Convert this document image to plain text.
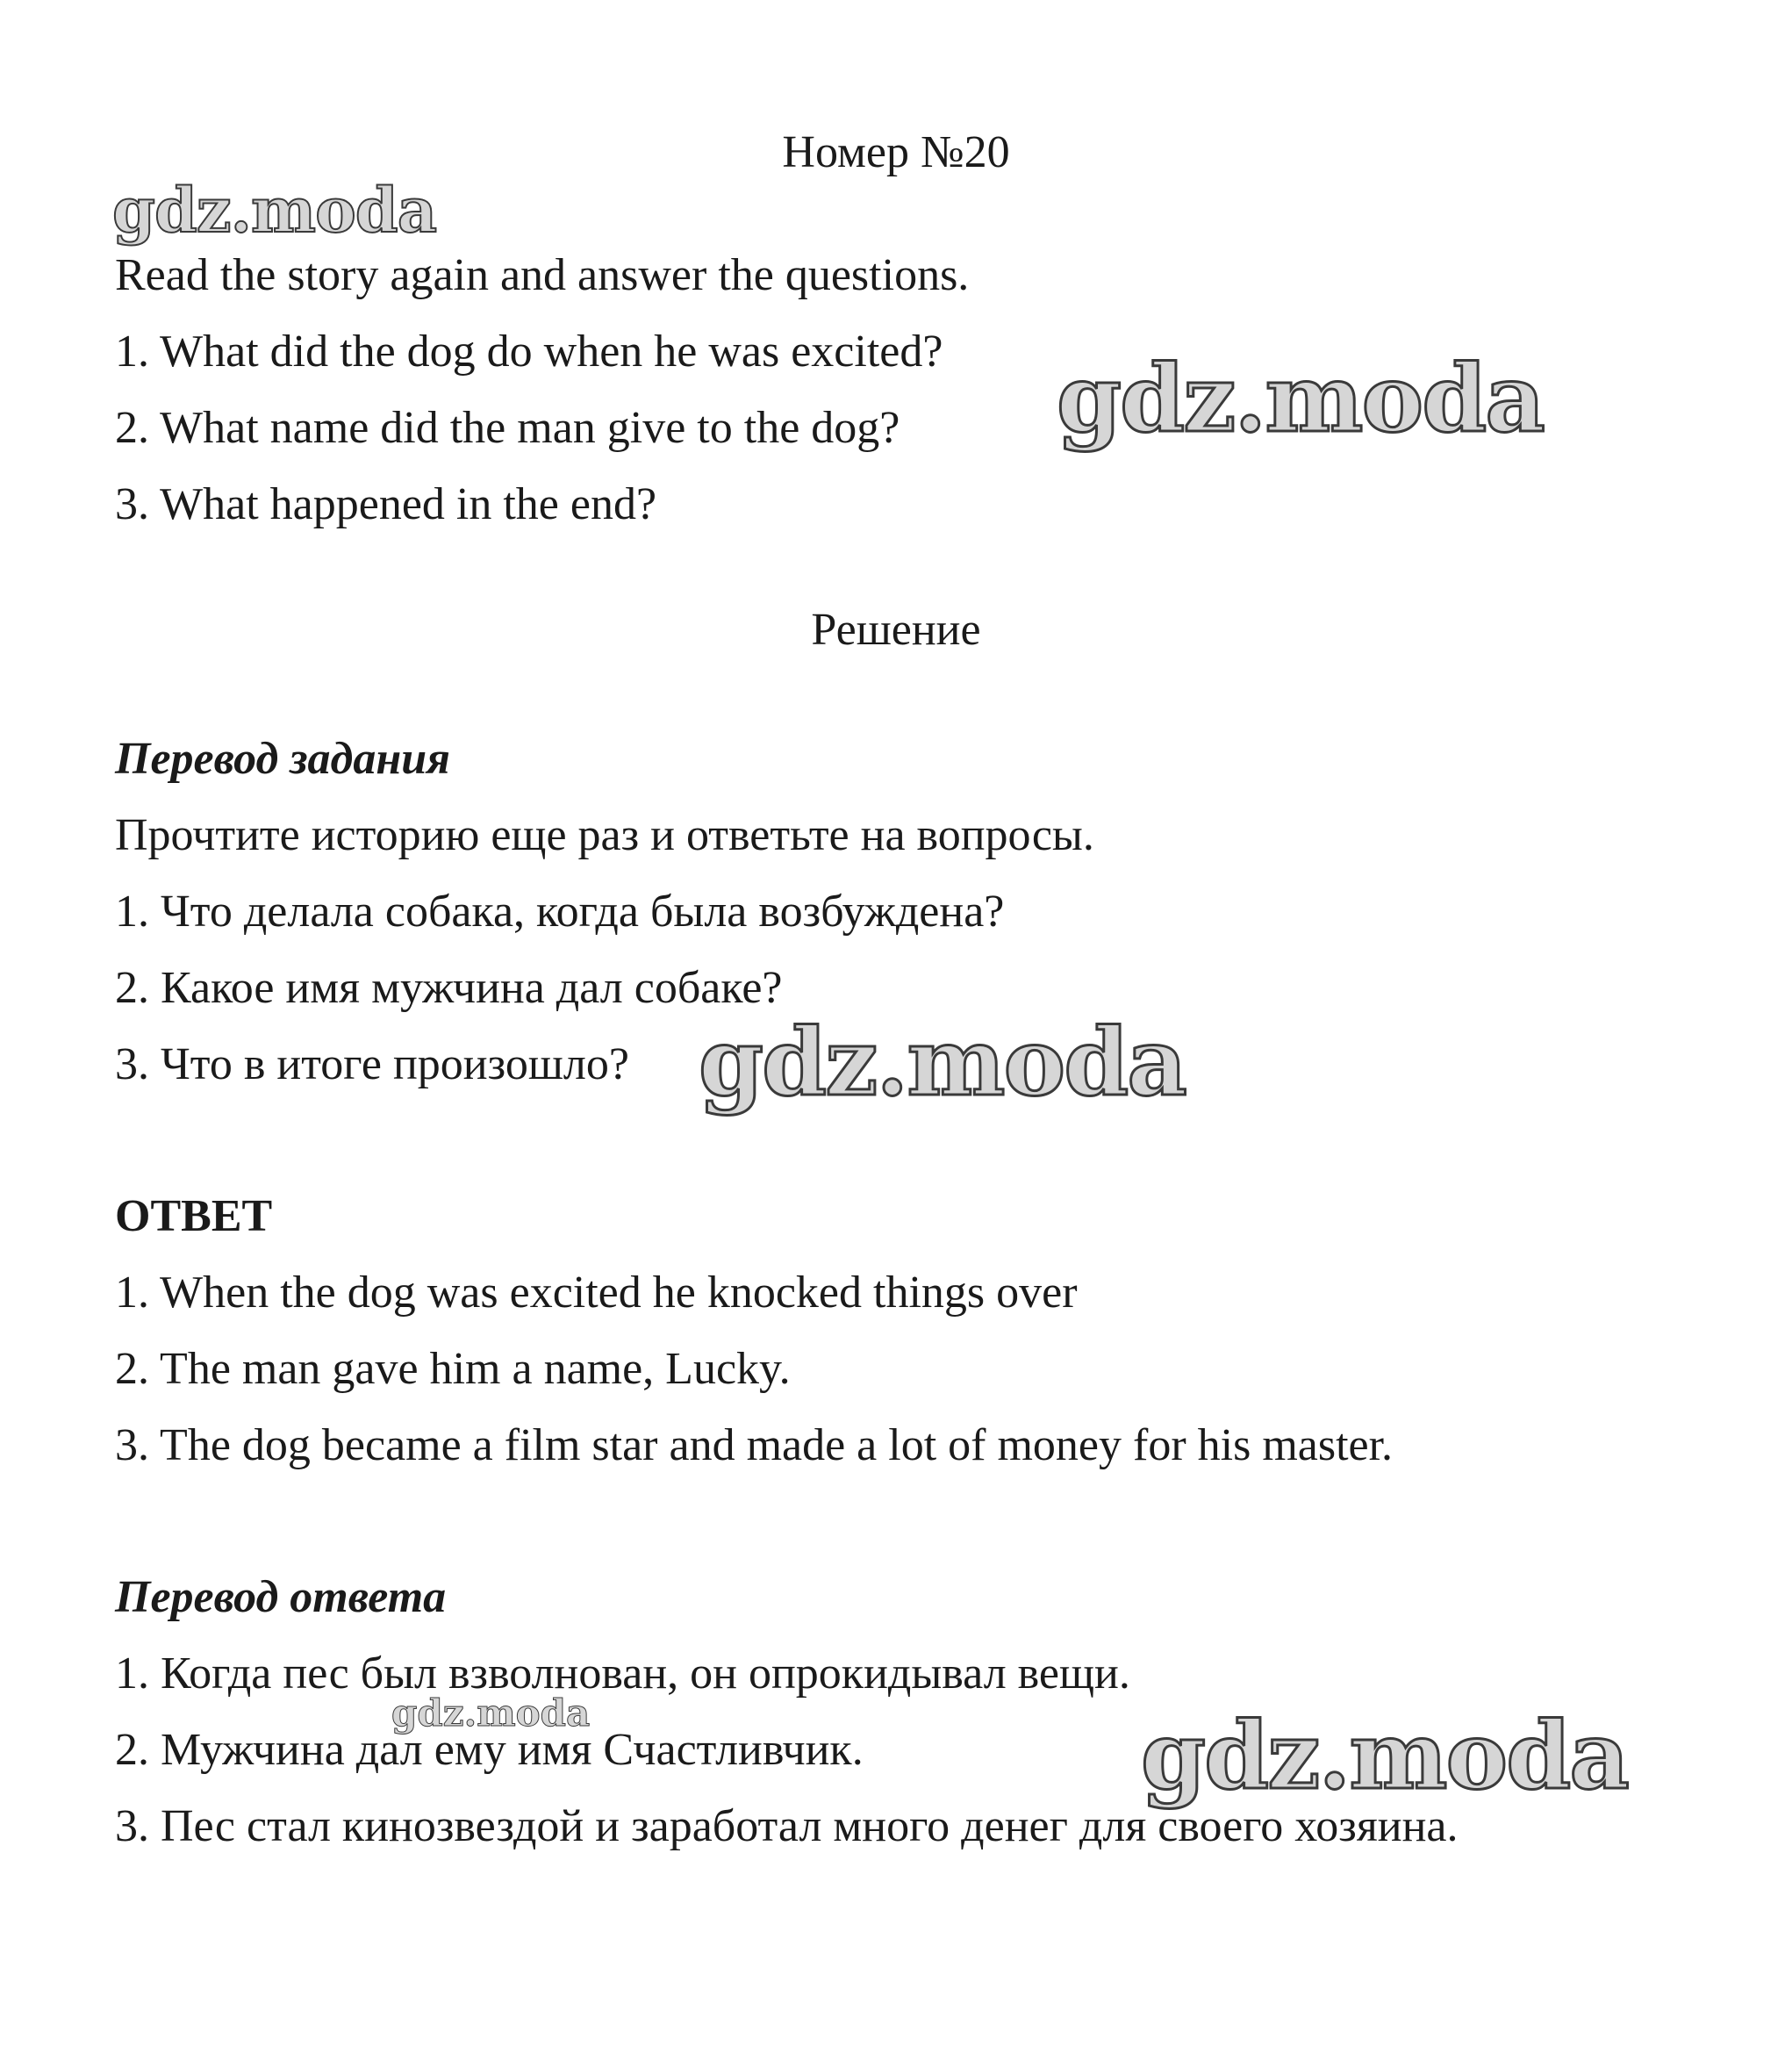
gdz.moda
gdz.moda
gdz.moda
gdz.moda	gdz.moda
Номер №20
Read the story again and answer the questions.
1. What did the dog do when he was excited?
2. What name did the man give to the dog?
3. What happened in the end?
Решение
Перевод задания
Прочтите историю еще раз и ответьте на вопросы.
1. Что делала собака, когда была возбуждена?
2. Какое имя мужчина дал собаке?
3. Что в итоге произошло?
ОТВЕТ
1. When the dog was excited he knocked things over
2. The man gave him a name, Lucky.
3. The dog became a film star and made a lot of money for his master.
Перевод ответа
1. Когда пес был взволнован, он опрокидывал вещи.
2. Мужчина дал ему имя Счастливчик.
3. Пес стал кинозвездой и заработал много денег для своего хозяина.
